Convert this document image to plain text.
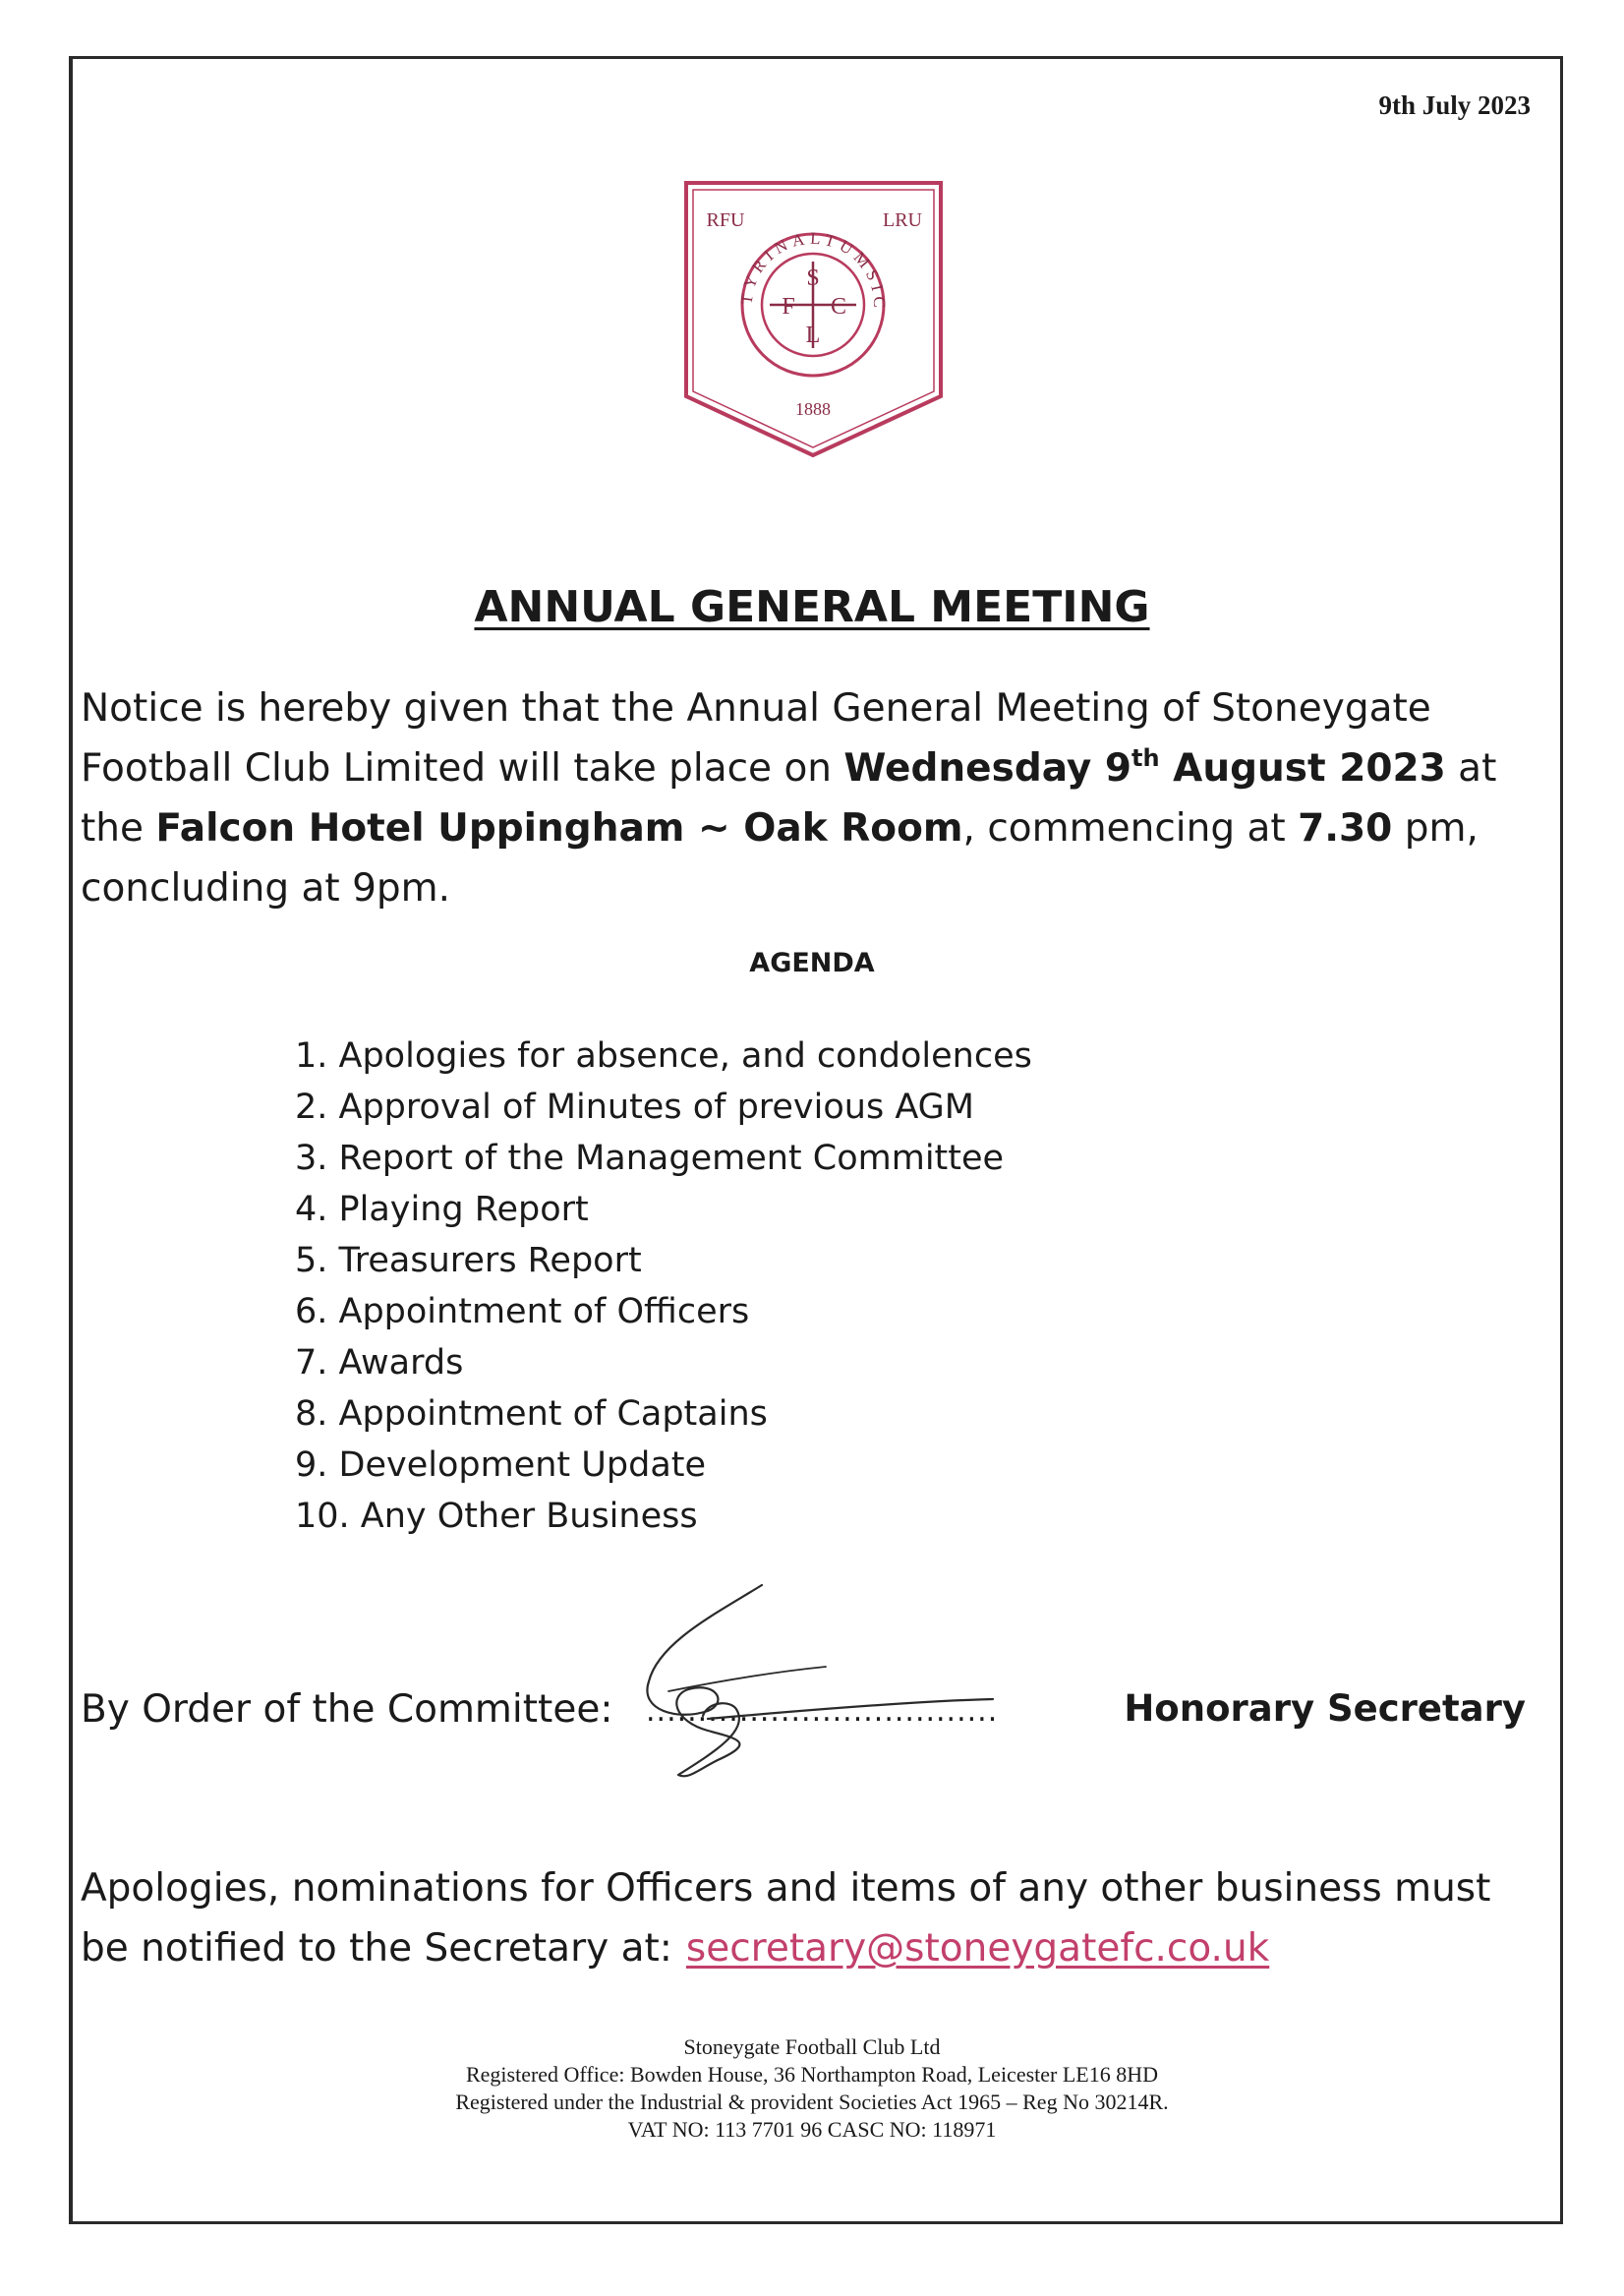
9th July 2023
RFU	LRU
TYRINALTUMSIC
S
F C
L
1888
ANNUAL GENERAL MEETING
Notice is hereby given that the Annual General Meeting of Stoneygate Football Club Limited will take place on Wednesday 9th August 2023 at the Falcon Hotel Uppingham ~ Oak Room, commencing at 7.30 pm, concluding at 9pm.
AGENDA
1. Apologies for absence, and condolences
2. Approval of Minutes of previous AGM
3. Report of the Management Committee
4. Playing Report
5. Treasurers Report
6. Appointment of Officers
7. Awards
8. Appointment of Captains
9. Development Update
10. Any Other Business
By Order of the Committee: ..................................	Honorary Secretary
Apologies, nominations for Officers and items of any other business must be notified to the Secretary at: secretary@stoneygatefc.co.uk
Stoneygate Football Club Ltd
Registered Office: Bowden House, 36 Northampton Road, Leicester LE16 8HD
Registered under the Industrial & provident Societies Act 1965 – Reg No 30214R.
VAT NO: 113 7701 96 CASC NO: 118971
